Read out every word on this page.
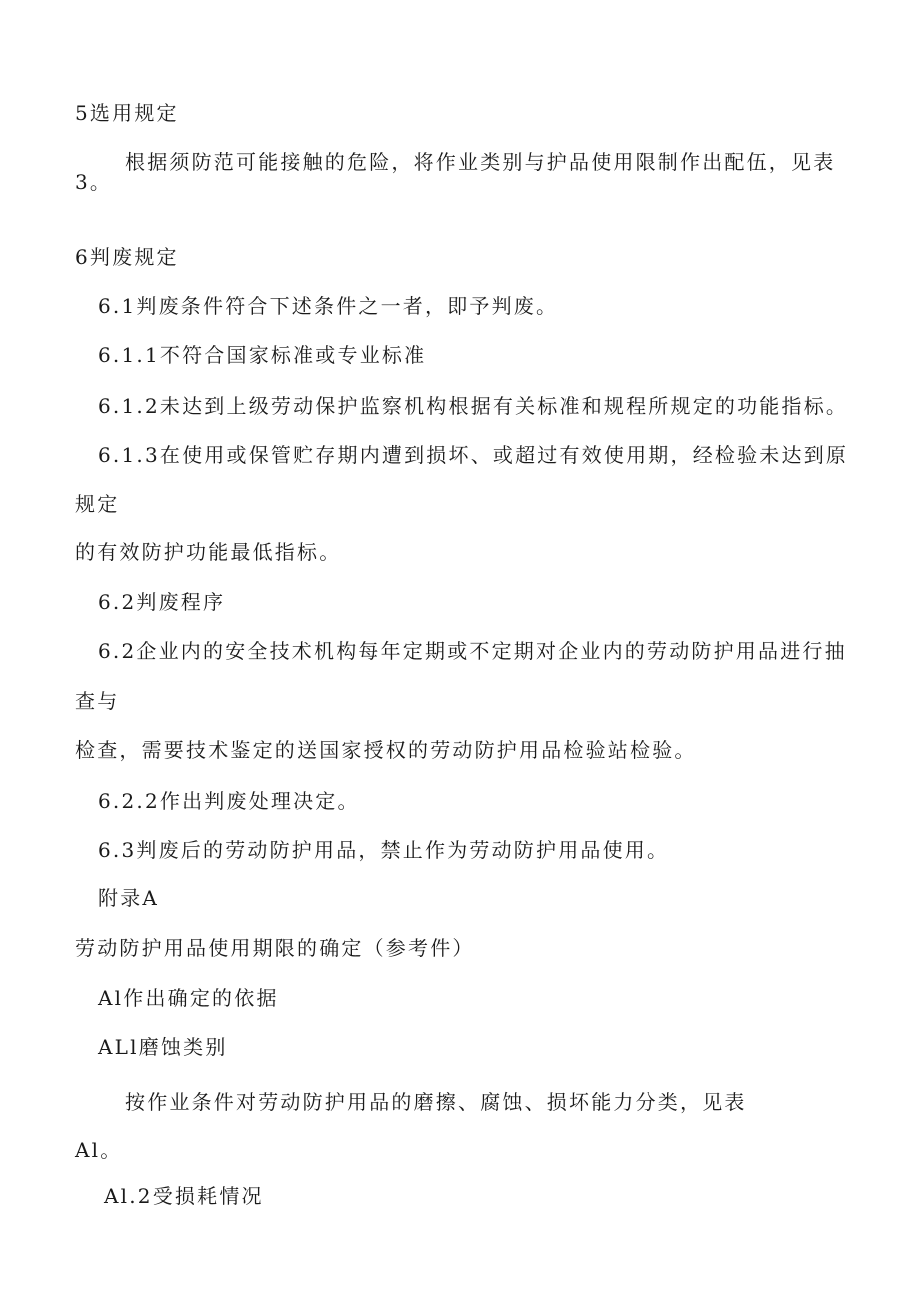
5选用规定
根据须防范可能接触的危险，将作业类别与护品使用限制作出配伍，见表
3。
6判废规定
6.1判废条件符合下述条件之一者，即予判废。
6.1.1不符合国家标准或专业标准
6.1.2未达到上级劳动保护监察机构根据有关标准和规程所规定的功能指标。
6.1.3在使用或保管贮存期内遭到损坏、或超过有效使用期，经检验未达到原
规定
的有效防护功能最低指标。
6.2判废程序
6.2企业内的安全技术机构每年定期或不定期对企业内的劳动防护用品进行抽
查与
检查，需要技术鉴定的送国家授权的劳动防护用品检验站检验。
6.2.2作出判废处理决定。
6.3判废后的劳动防护用品，禁止作为劳动防护用品使用。
附录A
劳动防护用品使用期限的确定（参考件）
Al作出确定的依据
ALl磨蚀类别
按作业条件对劳动防护用品的磨擦、腐蚀、损坏能力分类，见表
Al。
Al.2受损耗情况
